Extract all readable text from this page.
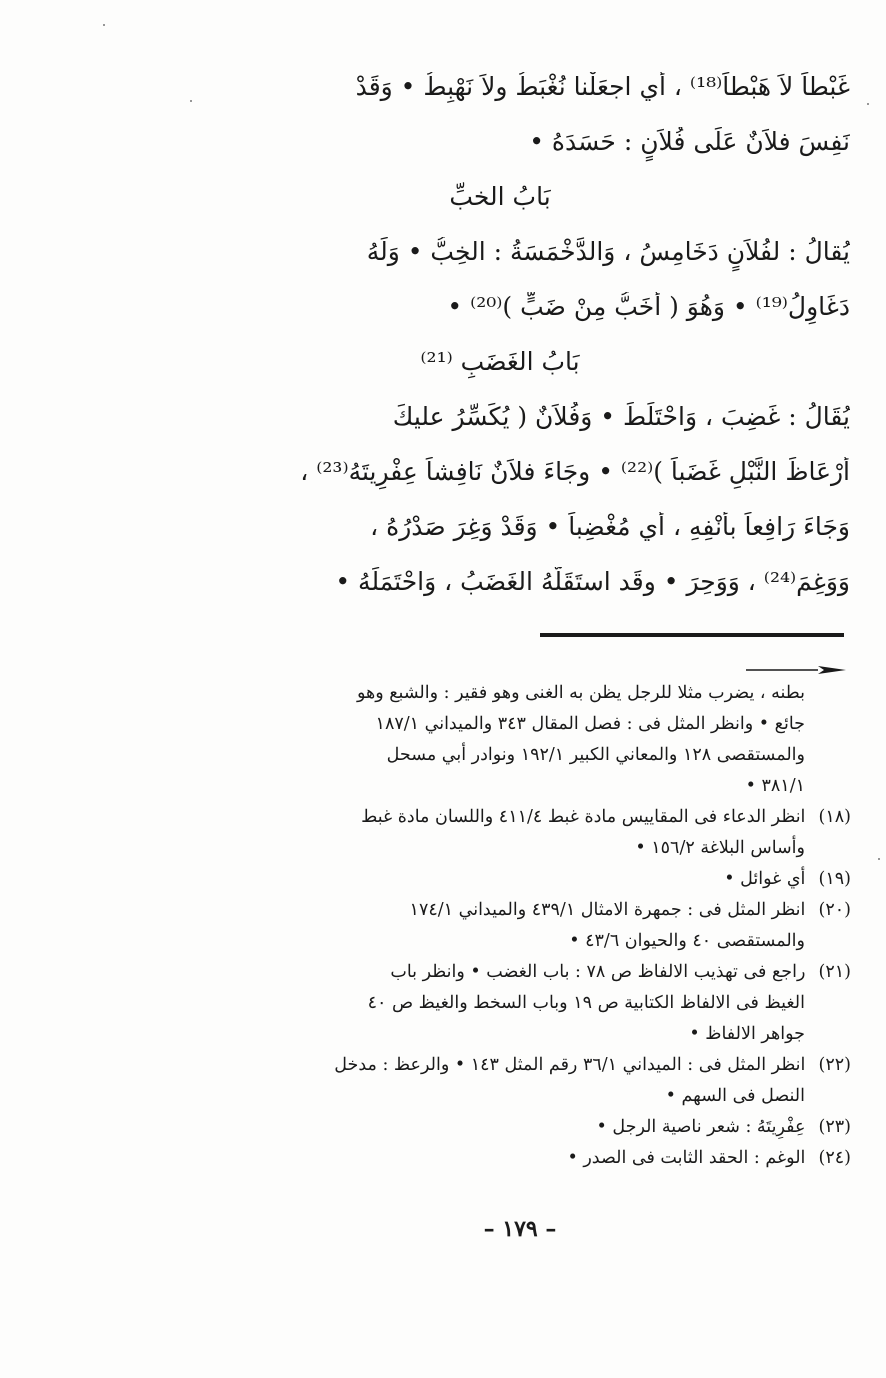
غَبْطاً لاَ هَبْطاً⁽¹⁸⁾ ، أي اجعَلْنا نُغْبَطُ ولاَ نَهْبِطُ • وَقَدْ
نَفِسَ فلاَنٌ عَلَى فُلاَنٍ : حَسَدَهُ •
بَابُ الخبِّ
يُقالُ : لفُلاَنٍ دَخَامِسُ ، وَالدَّخْمَسَةُ : الخِبُّ • وَلَهُ
دَغَاوِلُ⁽¹⁹⁾ • وَهُوَ ( أَخَبُّ مِنْ ضَبٍّ )⁽²⁰⁾ •
بَابُ الغَضَبِ ⁽²¹⁾
يُقَالُ : غَضِبَ ، وَاحْتَلَطَ • وَفُلاَنٌ ( يُكَسِّرُ عليكَ
أَرْعَاظَ النَّبْلِ غَضَباً )⁽²²⁾ • وجَاءَ فلاَنٌ نَافِشاً عِفْرِيتَهُ⁽²³⁾ ،
وَجَاءَ رَافِعاً بأَنْفِهِ ، أي مُغْضِباً • وَقَدْ وَغِرَ صَدْرُهُ ،
وَوَغِمَ⁽²⁴⁾ ، وَوَحِرَ • وقَد استَقَلَّهُ الغَضَبُ ، وَاحْتَمَلَهُ •
بطنه ، يضرب مثلا للرجل يظن به الغنى وهو فقير : والشبع وهو
جائع • وانظر المثل فى : فصل المقال ٣٤٣ والميداني ١٨٧/١
والمستقصى ١٢٨ والمعاني الكبير ١٩٢/١ ونوادر أبي مسحل
٣٨١/١ •
(١٨) انظر الدعاء فى المقاييس مادة غبط ٤١١/٤ واللسان مادة غبط
وأساس البلاغة ١٥٦/٢ •
(١٩) أي غوائل •
(٢٠) انظر المثل فى : جمهرة الامثال ٤٣٩/١ والميداني ١٧٤/١
والمستقصى ٤٠ والحيوان ٤٣/٦ •
(٢١) راجع فى تهذيب الالفاظ ص ٧٨ : باب الغضب • وانظر باب
الغيظ فى الالفاظ الكتابية ص ١٩ وباب السخط والغيظ ص ٤٠
جواهر الالفاظ •
(٢٢) انظر المثل فى : الميداني ٣٦/١ رقم المثل ١٤٣ • والرعظ : مدخل
النصل فى السهم •
(٢٣) عِفْرِيتَهُ : شعر ناصية الرجل •
(٢٤) الوغم : الحقد الثابت فى الصدر •
– ١٧٩ –
